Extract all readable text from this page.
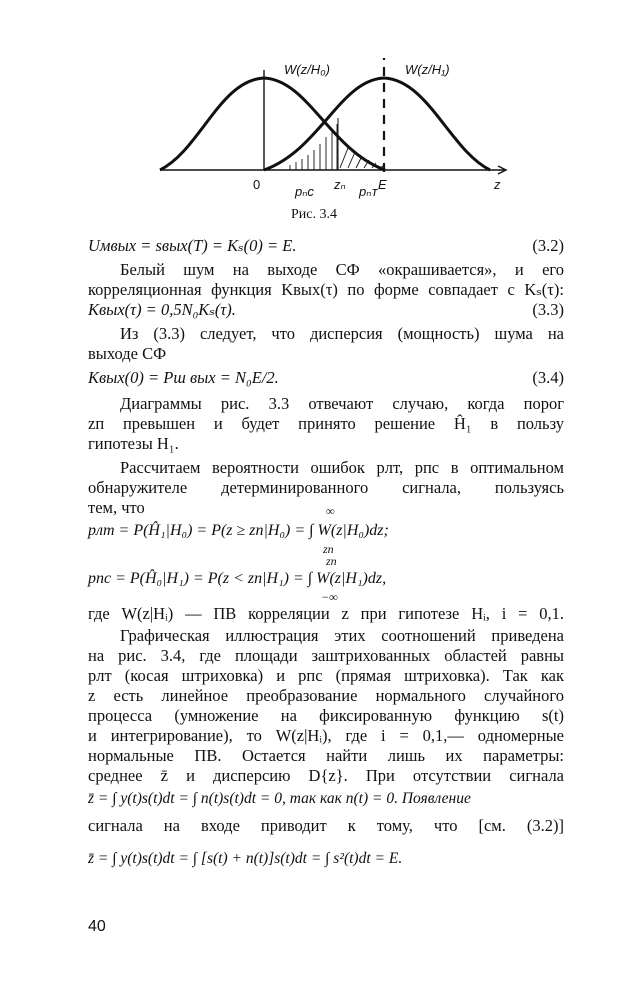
W(z/H₀)	W(z/H₁)
0	pₙᴄ zₙ pₙᴛ E	z
Рис. 3.4
Uмвых = sвых(T) = Kₛ(0) = E.	(3.2)
Белый шум на выходе СФ «окрашивается», и его
корреляционная функция Kвых(τ) по форме совпадает с Kₛ(τ):
Kвых(τ) = 0,5N₀Kₛ(τ).	(3.3)
Из (3.3) следует, что дисперсия (мощность) шума на
выходе СФ
Kвых(0) = Pш вых = N₀E/2.	(3.4)
Диаграммы рис. 3.3 отвечают случаю, когда порог
zп превышен и будет принято решение Ĥ₁ в пользу
гипотезы H₁.
Рассчитаем вероятности ошибок pлт, pпс в оптимальном
обнаружителе детерминированного сигнала, пользуясь
тем, что
pлт = P(Ĥ₁|H₀) = P(z ≥ zп|H₀) = ∫ W(z|H₀)dz;
∞
zп
pпс = P(Ĥ₀|H₁) = P(z < zп|H₁) = ∫ W(z|H₁)dz,
zп
−∞
где W(z|Hᵢ) — ПВ корреляции z при гипотезе Hᵢ, i = 0,1.
Графическая иллюстрация этих соотношений приведена
на рис. 3.4, где площади заштрихованных областей равны
pлт (косая штриховка) и pпс (прямая штриховка). Так как
z есть линейное преобразование нормального случайного
процесса (умножение на фиксированную функцию s(t)
и интегрирование), то W(z|Hᵢ), где i = 0,1,— одномерные
нормальные ПВ. Остается найти лишь их параметры:
среднее z̄ и дисперсию D{z}. При отсутствии сигнала
z̄ = ∫ y(t)s(t)dt = ∫ n(t)s(t)dt = 0, так как n(t) = 0. Появление
сигнала на входе приводит к тому, что [см. (3.2)]
z̄ = ∫ y(t)s(t)dt = ∫ [s(t) + n(t)]s(t)dt = ∫ s²(t)dt = E.
40
